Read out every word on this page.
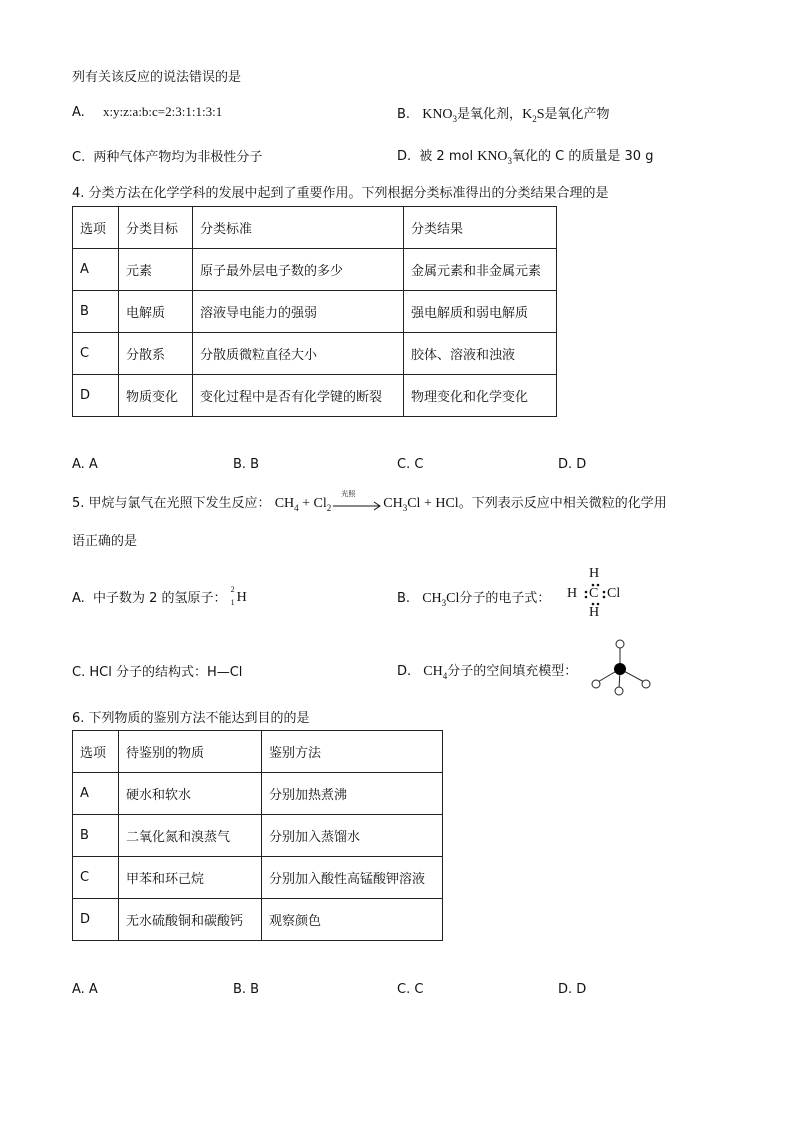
列有关该反应的说法错误的是
A. x:y:z:a:b:c=2:3:1:1:3:1	B. $KNO_3$是氧化剂，$K_2S$是氧化产物
C. 两种气体产物均为非极性分子	D. 被 2 mol $KNO_3$氧化的 C 的质量是 30 g
4. 分类方法在化学学科的发展中起到了重要作用。下列根据分类标准得出的分类结果合理的是
选项	分类目标	分类标准	分类结果
A	元素	原子最外层电子数的多少	金属元素和非金属元素
B	电解质	溶液导电能力的强弱	强电解质和弱电解质
C	分散系	分散质微粒直径大小	胶体、溶液和浊液
D	物质变化	变化过程中是否有化学键的断裂	物理变化和化学变化
A. A	B. B	C. C	D. D
5. 甲烷与氯气在光照下发生反应： $CH_4 + Cl_2$
光照
$CH_3Cl$ + HCl。下列表示反应中相关微粒的化学用
语正确的是
A. 中子数为 2 的氢原子：
2
1 H	B. $CH_3Cl$分子的电子式：
H
H C Cl
H
C. HCl 分子的结构式：H—Cl	D. $CH_4$分子的空间填充模型：
6. 下列物质的鉴别方法不能达到目的的是
选项	待鉴别的物质	鉴别方法
A	硬水和软水	分别加热煮沸
B	二氧化氮和溴蒸气	分别加入蒸馏水
C	甲苯和环己烷	分别加入酸性高锰酸钾溶液
D	无水硫酸铜和碳酸钙	观察颜色
A. A	B. B	C. C	D. D
